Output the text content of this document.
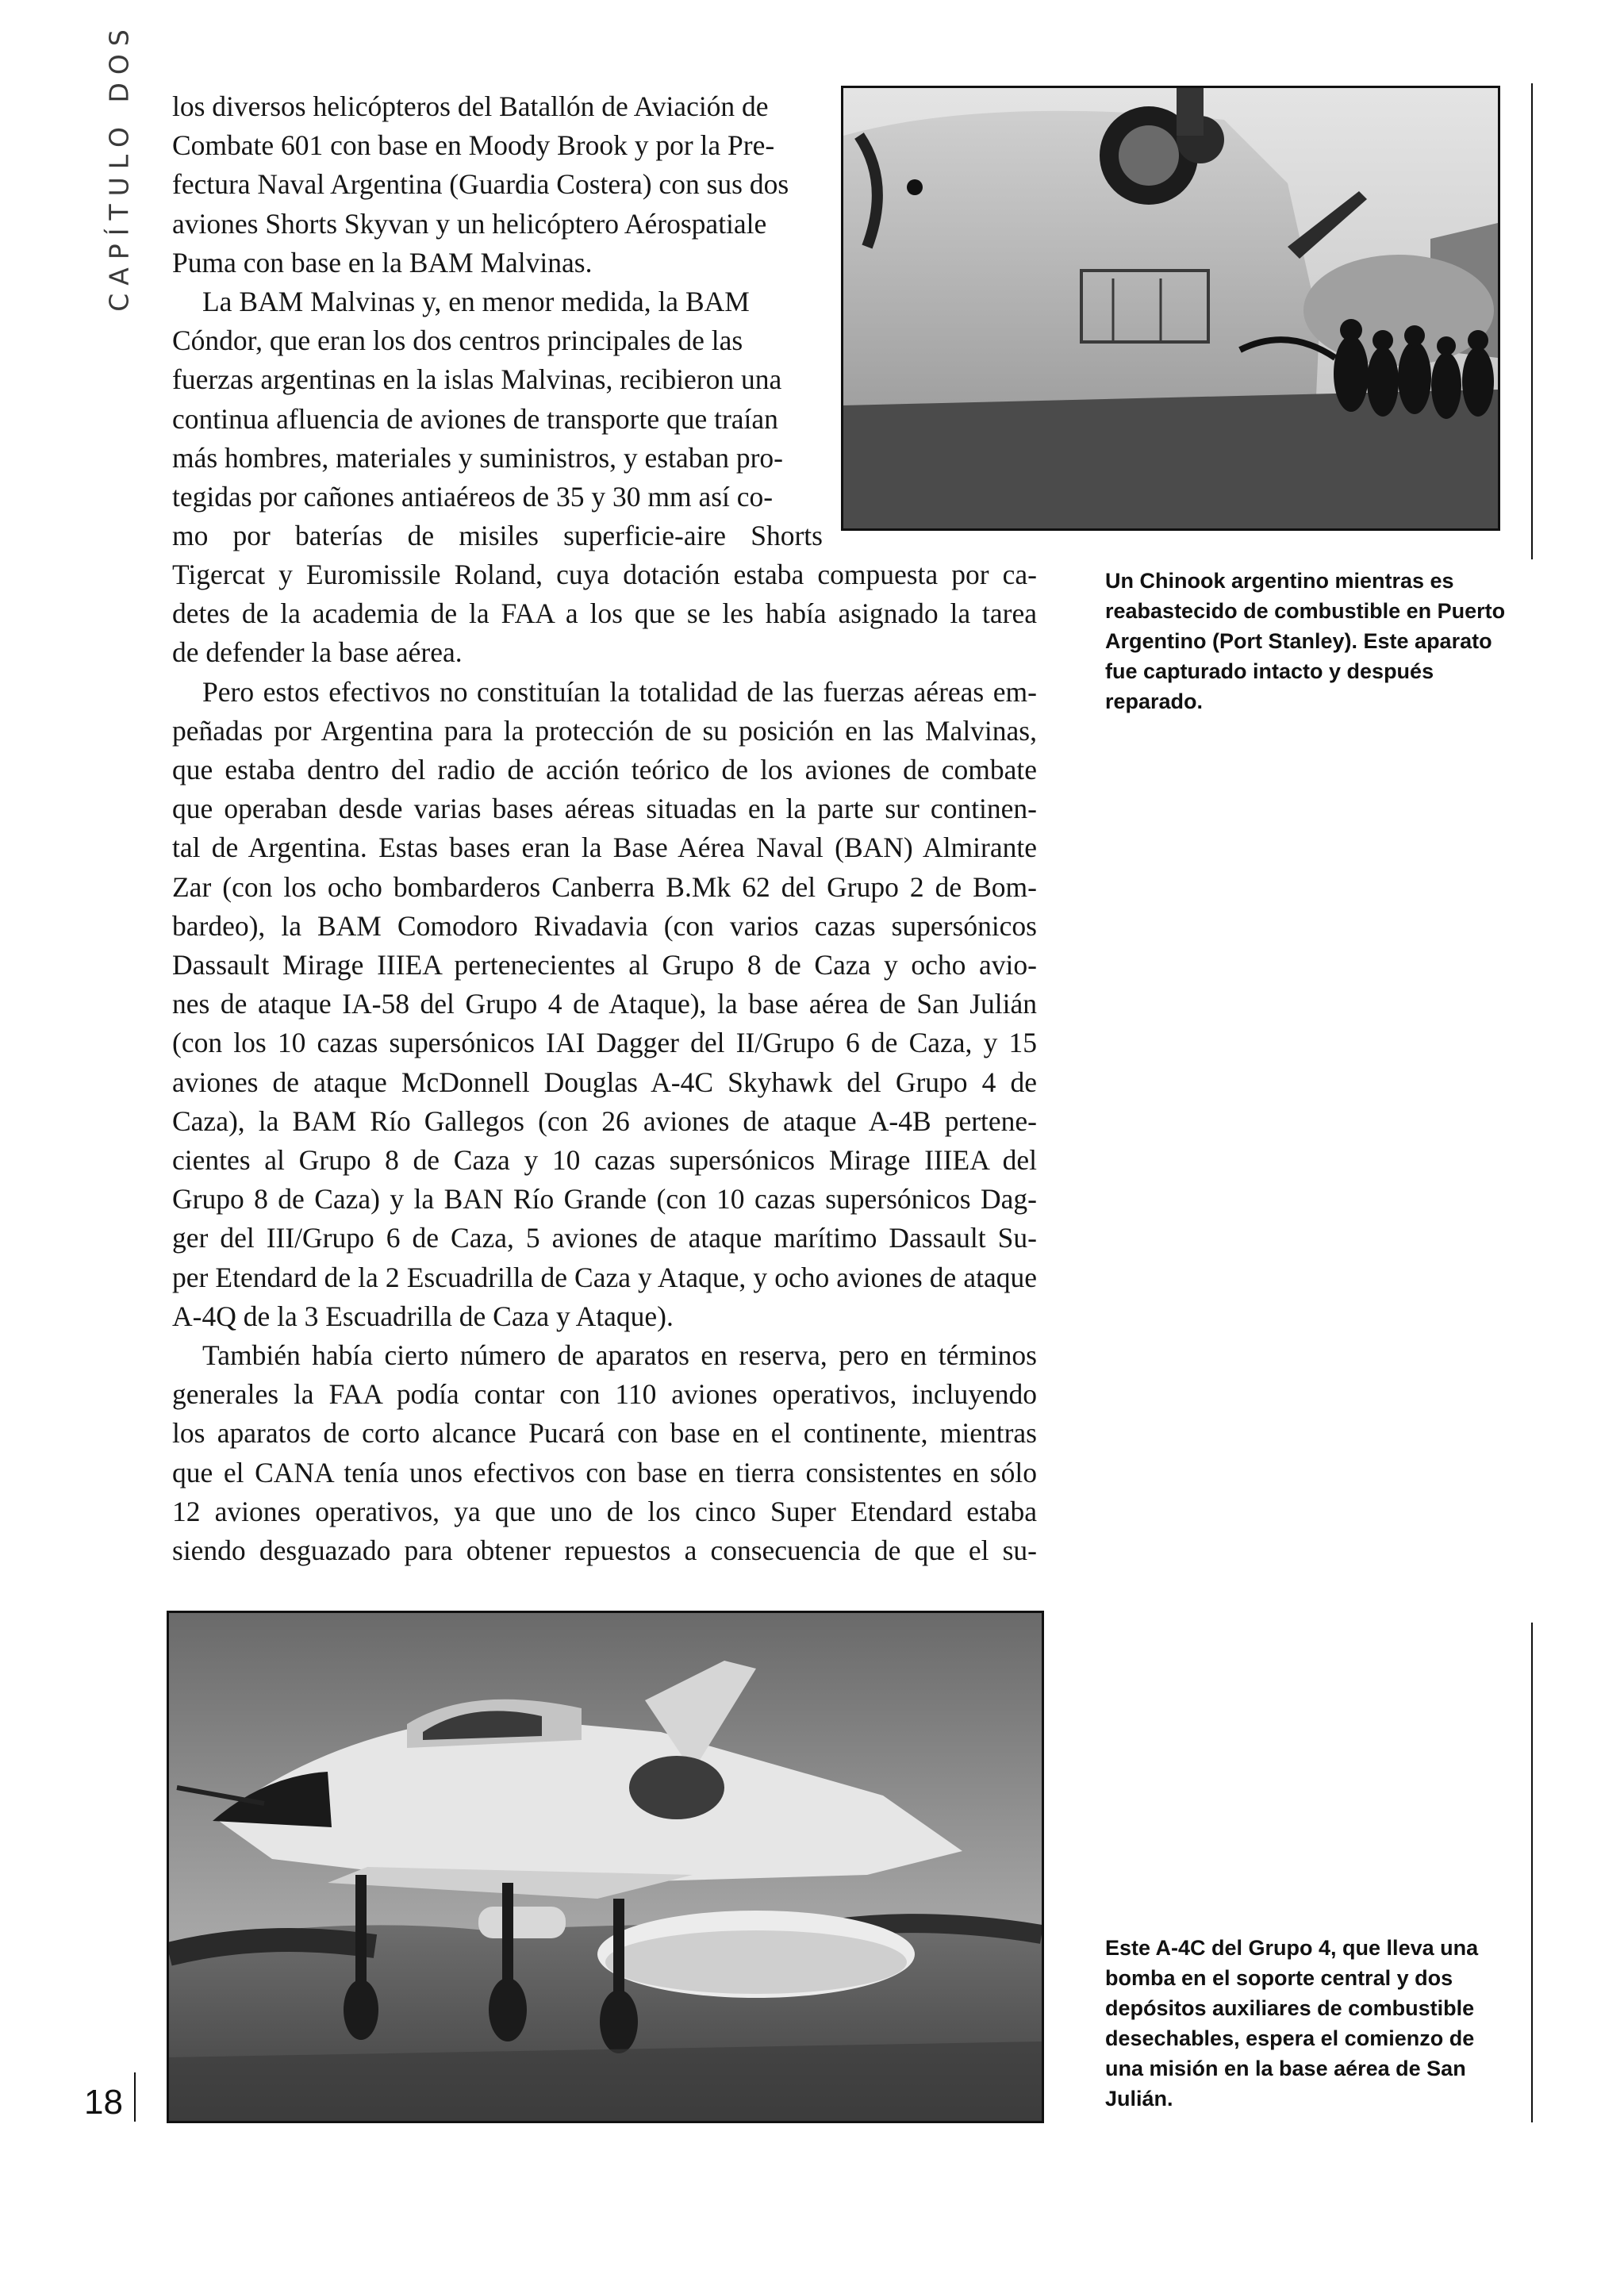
CAPÍTULO DOS los diversos helicópteros del Batallón de Aviación de
Combate 601 con base en Moody Brook y por la Pre-
fectura Naval Argentina (Guardia Costera) con sus dos
aviones Shorts Skyvan y un helicóptero Aérospatiale
Puma con base en la BAM Malvinas.
La BAM Malvinas y, en menor medida, la BAM
Cóndor, que eran los dos centros principales de las
fuerzas argentinas en la islas Malvinas, recibieron una
continua afluencia de aviones de transporte que traían
más hombres, materiales y suministros, y estaban pro-
tegidas por cañones antiaéreos de 35 y 30 mm así co-
mo por baterías de misiles superficie-aire Shorts
Tigercat y Euromissile Roland, cuya dotación estaba compuesta por ca-
detes de la academia de la FAA a los que se les había asignado la tarea
de defender la base aérea.
Pero estos efectivos no constituían la totalidad de las fuerzas aéreas em-
peñadas por Argentina para la protección de su posición en las Malvinas,
que estaba dentro del radio de acción teórico de los aviones de combate
que operaban desde varias bases aéreas situadas en la parte sur continen-
tal de Argentina. Estas bases eran la Base Aérea Naval (BAN) Almirante
Zar (con los ocho bombarderos Canberra B.Mk 62 del Grupo 2 de Bom-
bardeo), la BAM Comodoro Rivadavia (con varios cazas supersónicos
Dassault Mirage IIIEA pertenecientes al Grupo 8 de Caza y ocho avio-
nes de ataque IA-58 del Grupo 4 de Ataque), la base aérea de San Julián
(con los 10 cazas supersónicos IAI Dagger del II/Grupo 6 de Caza, y 15
aviones de ataque McDonnell Douglas A-4C Skyhawk del Grupo 4 de
Caza), la BAM Río Gallegos (con 26 aviones de ataque A-4B pertene-
cientes al Grupo 8 de Caza y 10 cazas supersónicos Mirage IIIEA del
Grupo 8 de Caza) y la BAN Río Grande (con 10 cazas supersónicos Dag-
ger del III/Grupo 6 de Caza, 5 aviones de ataque marítimo Dassault Su-
per Etendard de la 2 Escuadrilla de Caza y Ataque, y ocho aviones de ataque
A-4Q de la 3 Escuadrilla de Caza y Ataque).
También había cierto número de aparatos en reserva, pero en términos
generales la FAA podía contar con 110 aviones operativos, incluyendo
los aparatos de corto alcance Pucará con base en el continente, mientras
que el CANA tenía unos efectivos con base en tierra consistentes en sólo
12 aviones operativos, ya que uno de los cinco Super Etendard estaba
siendo desguazado para obtener repuestos a consecuencia de que el su-
Un Chinook argentino mientras es reabastecido de combustible en Puerto Argentino (Port Stanley). Este aparato fue capturado intacto y después reparado.
Este A-4C del Grupo 4, que lleva una bomba en el soporte central y dos depósitos auxiliares de combustible desechables, espera el comienzo de una misión en la base aérea de San Julián.
18
